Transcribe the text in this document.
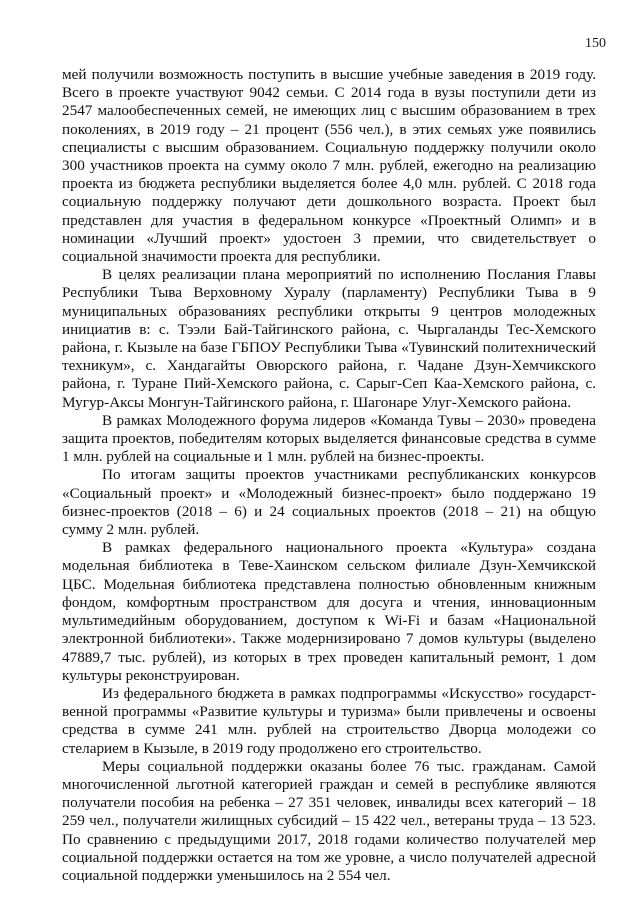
150

мей получили возможность поступить в высшие учебные заведения в 2019 году. Всего в проекте участвуют 9042 семьи. С 2014 года в вузы поступили дети из 2547 малообеспеченных семей, не имеющих лиц с высшим образованием в трех поколениях, в 2019 году – 21 процент (556 чел.), в этих семьях уже появились специалисты с высшим образованием. Социальную поддержку получили около 300 участников проекта на сумму около 7 млн. рублей, ежегодно на реализацию проекта из бюджета республики выделяется более 4,0 млн. рублей. С 2018 года социальную поддержку получают дети дошкольного возраста. Проект был представлен для участия в федеральном конкурсе «Проектный Олимп» и в номинации «Лучший проект» удостоен 3 премии, что свидетельствует о социальной значимости проекта для республики.

В целях реализации плана мероприятий по исполнению Послания Главы Республики Тыва Верховному Хуралу (парламенту) Республики Тыва в 9 муниципальных образованиях республики открыты 9 центров молодежных инициатив в: с. Тээли Бай-Тайгинского района, с. Чыргаланды Тес-Хемского района, г. Кызыле на базе ГБПОУ Республики Тыва «Тувинский политехнический техникум», с. Хандагайты Овюрского района, г. Чадане Дзун-Хемчикского района, г. Туране Пий-Хемского района, с. Сарыг-Сеп Каа-Хемского района, с. Мугур-Аксы Монгун-Тайгинского района, г. Шагонаре Улуг-Хемского района.

В рамках Молодежного форума лидеров «Команда Тувы – 2030» проведена защита проектов, победителям которых выделяется финансовые средства в сумме 1 млн. рублей на социальные и 1 млн. рублей на бизнес-проекты.

По итогам защиты проектов участниками республиканских конкурсов «Социальный проект» и «Молодежный бизнес-проект» было поддержано 19 бизнес-проектов (2018 – 6) и 24 социальных проектов (2018 – 21) на общую сумму 2 млн. рублей.

В рамках федерального национального проекта «Культура» создана модельная библиотека в Теве-Хаинском сельском филиале Дзун-Хемчикской ЦБС. Модельная библиотека представлена полностью обновленным книжным фондом, комфортным пространством для досуга и чтения, инновационным мультимедийным оборудованием, доступом к Wi-Fi и базам «Национальной электронной библиотеки». Также модернизировано 7 домов культуры (выделено 47889,7 тыс. рублей), из которых в трех проведен капитальный ремонт, 1 дом культуры реконструирован.

Из федерального бюджета в рамках подпрограммы «Искусство» государственной программы «Развитие культуры и туризма» были привлечены и освоены средства в сумме 241 млн. рублей на строительство Дворца молодежи со стеларием в Кызыле, в 2019 году продолжено его строительство.

Меры социальной поддержки оказаны более 76 тыс. гражданам. Самой многочисленной льготной категорией граждан и семей в республике являются получатели пособия на ребенка – 27 351 человек, инвалиды всех категорий – 18 259 чел., получатели жилищных субсидий – 15 422 чел., ветераны труда – 13 523. По сравнению с предыдущими 2017, 2018 годами количество получателей мер социальной поддержки остается на том же уровне, а число получателей адресной социальной поддержки уменьшилось на 2 554 чел.
